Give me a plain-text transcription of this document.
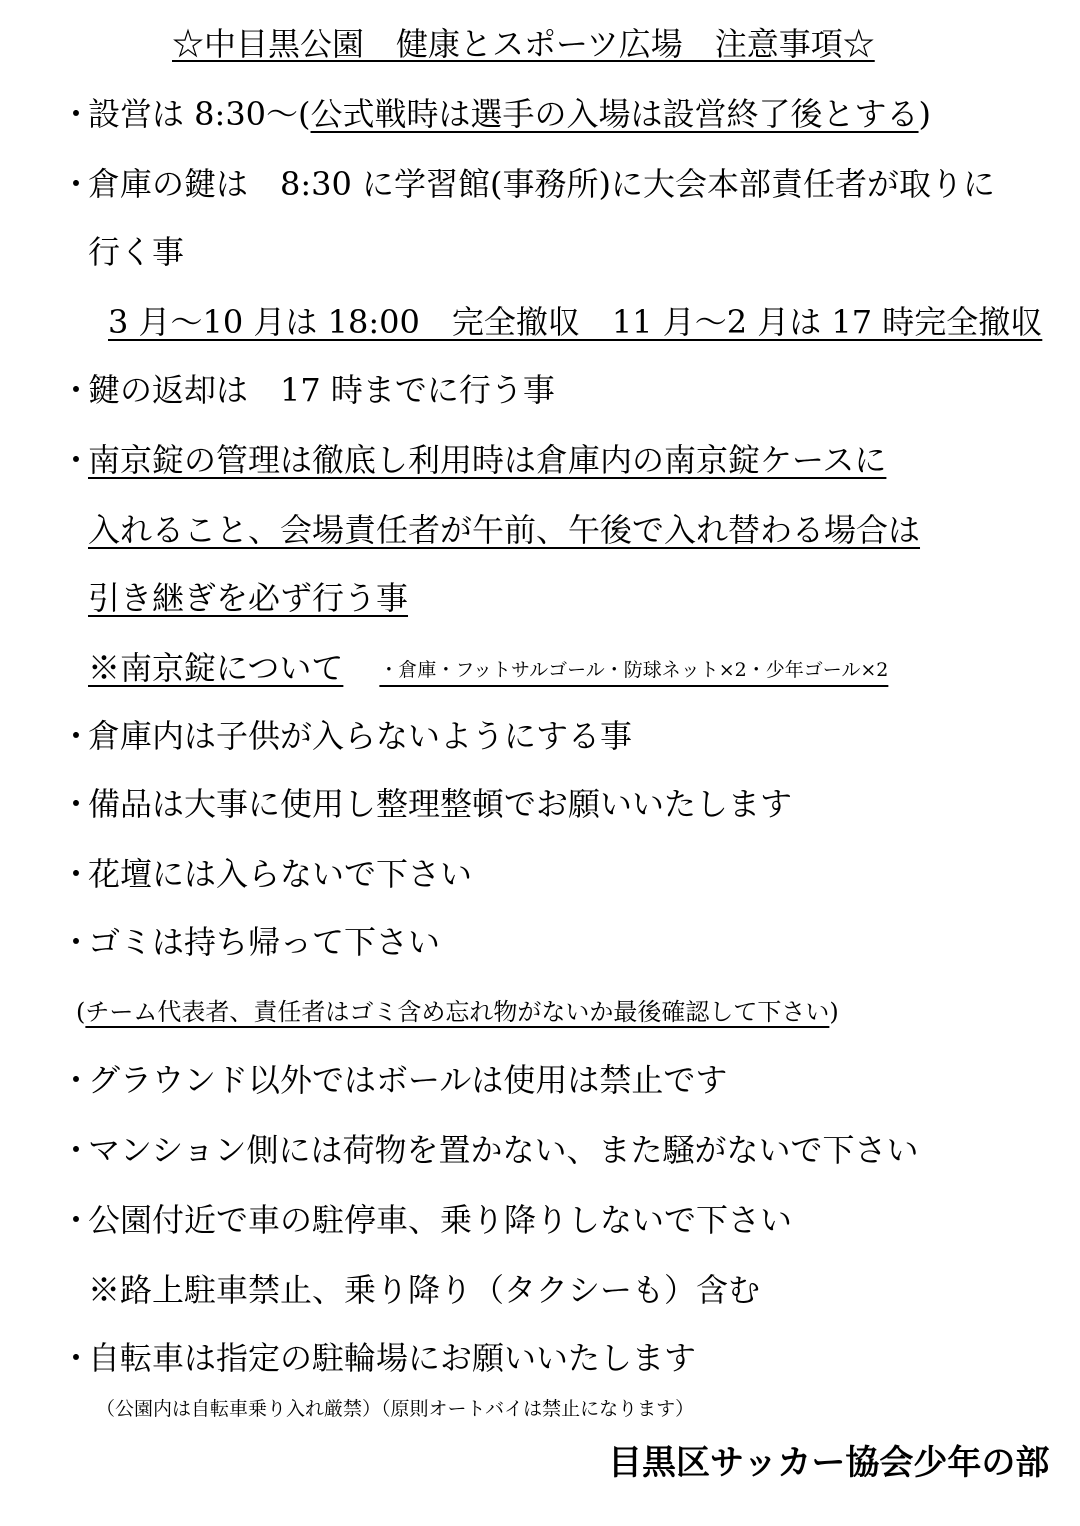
☆中目黒公園　健康とスポーツ広場　注意事項☆
・設営は 8:30～(公式戦時は選手の入場は設営終了後とする)
・倉庫の鍵は　8:30 に学習館(事務所)に大会本部責任者が取りに
行く事
3 月～10 月は 18:00　完全撤収　11 月～2 月は 17 時完全撤収
・鍵の返却は　17 時までに行う事
・南京錠の管理は徹底し利用時は倉庫内の南京錠ケースに
入れること、会場責任者が午前、午後で入れ替わる場合は
引き継ぎを必ず行う事
※南京錠について ・倉庫・フットサルゴール・防球ネット×2・少年ゴール×2
・倉庫内は子供が入らないようにする事
・備品は大事に使用し整理整頓でお願いいたします
・花壇には入らないで下さい
・ゴミは持ち帰って下さい
(チーム代表者、責任者はゴミ含め忘れ物がないか最後確認して下さい)
・グラウンド以外ではボールは使用は禁止です
・マンション側には荷物を置かない、また騒がないで下さい
・公園付近で車の駐停車、乗り降りしないで下さい
※路上駐車禁止、乗り降り（タクシーも）含む
・自転車は指定の駐輪場にお願いいたします
（公園内は自転車乗り入れ厳禁）（原則オートバイは禁止になります）
目黒区サッカー協会少年の部
